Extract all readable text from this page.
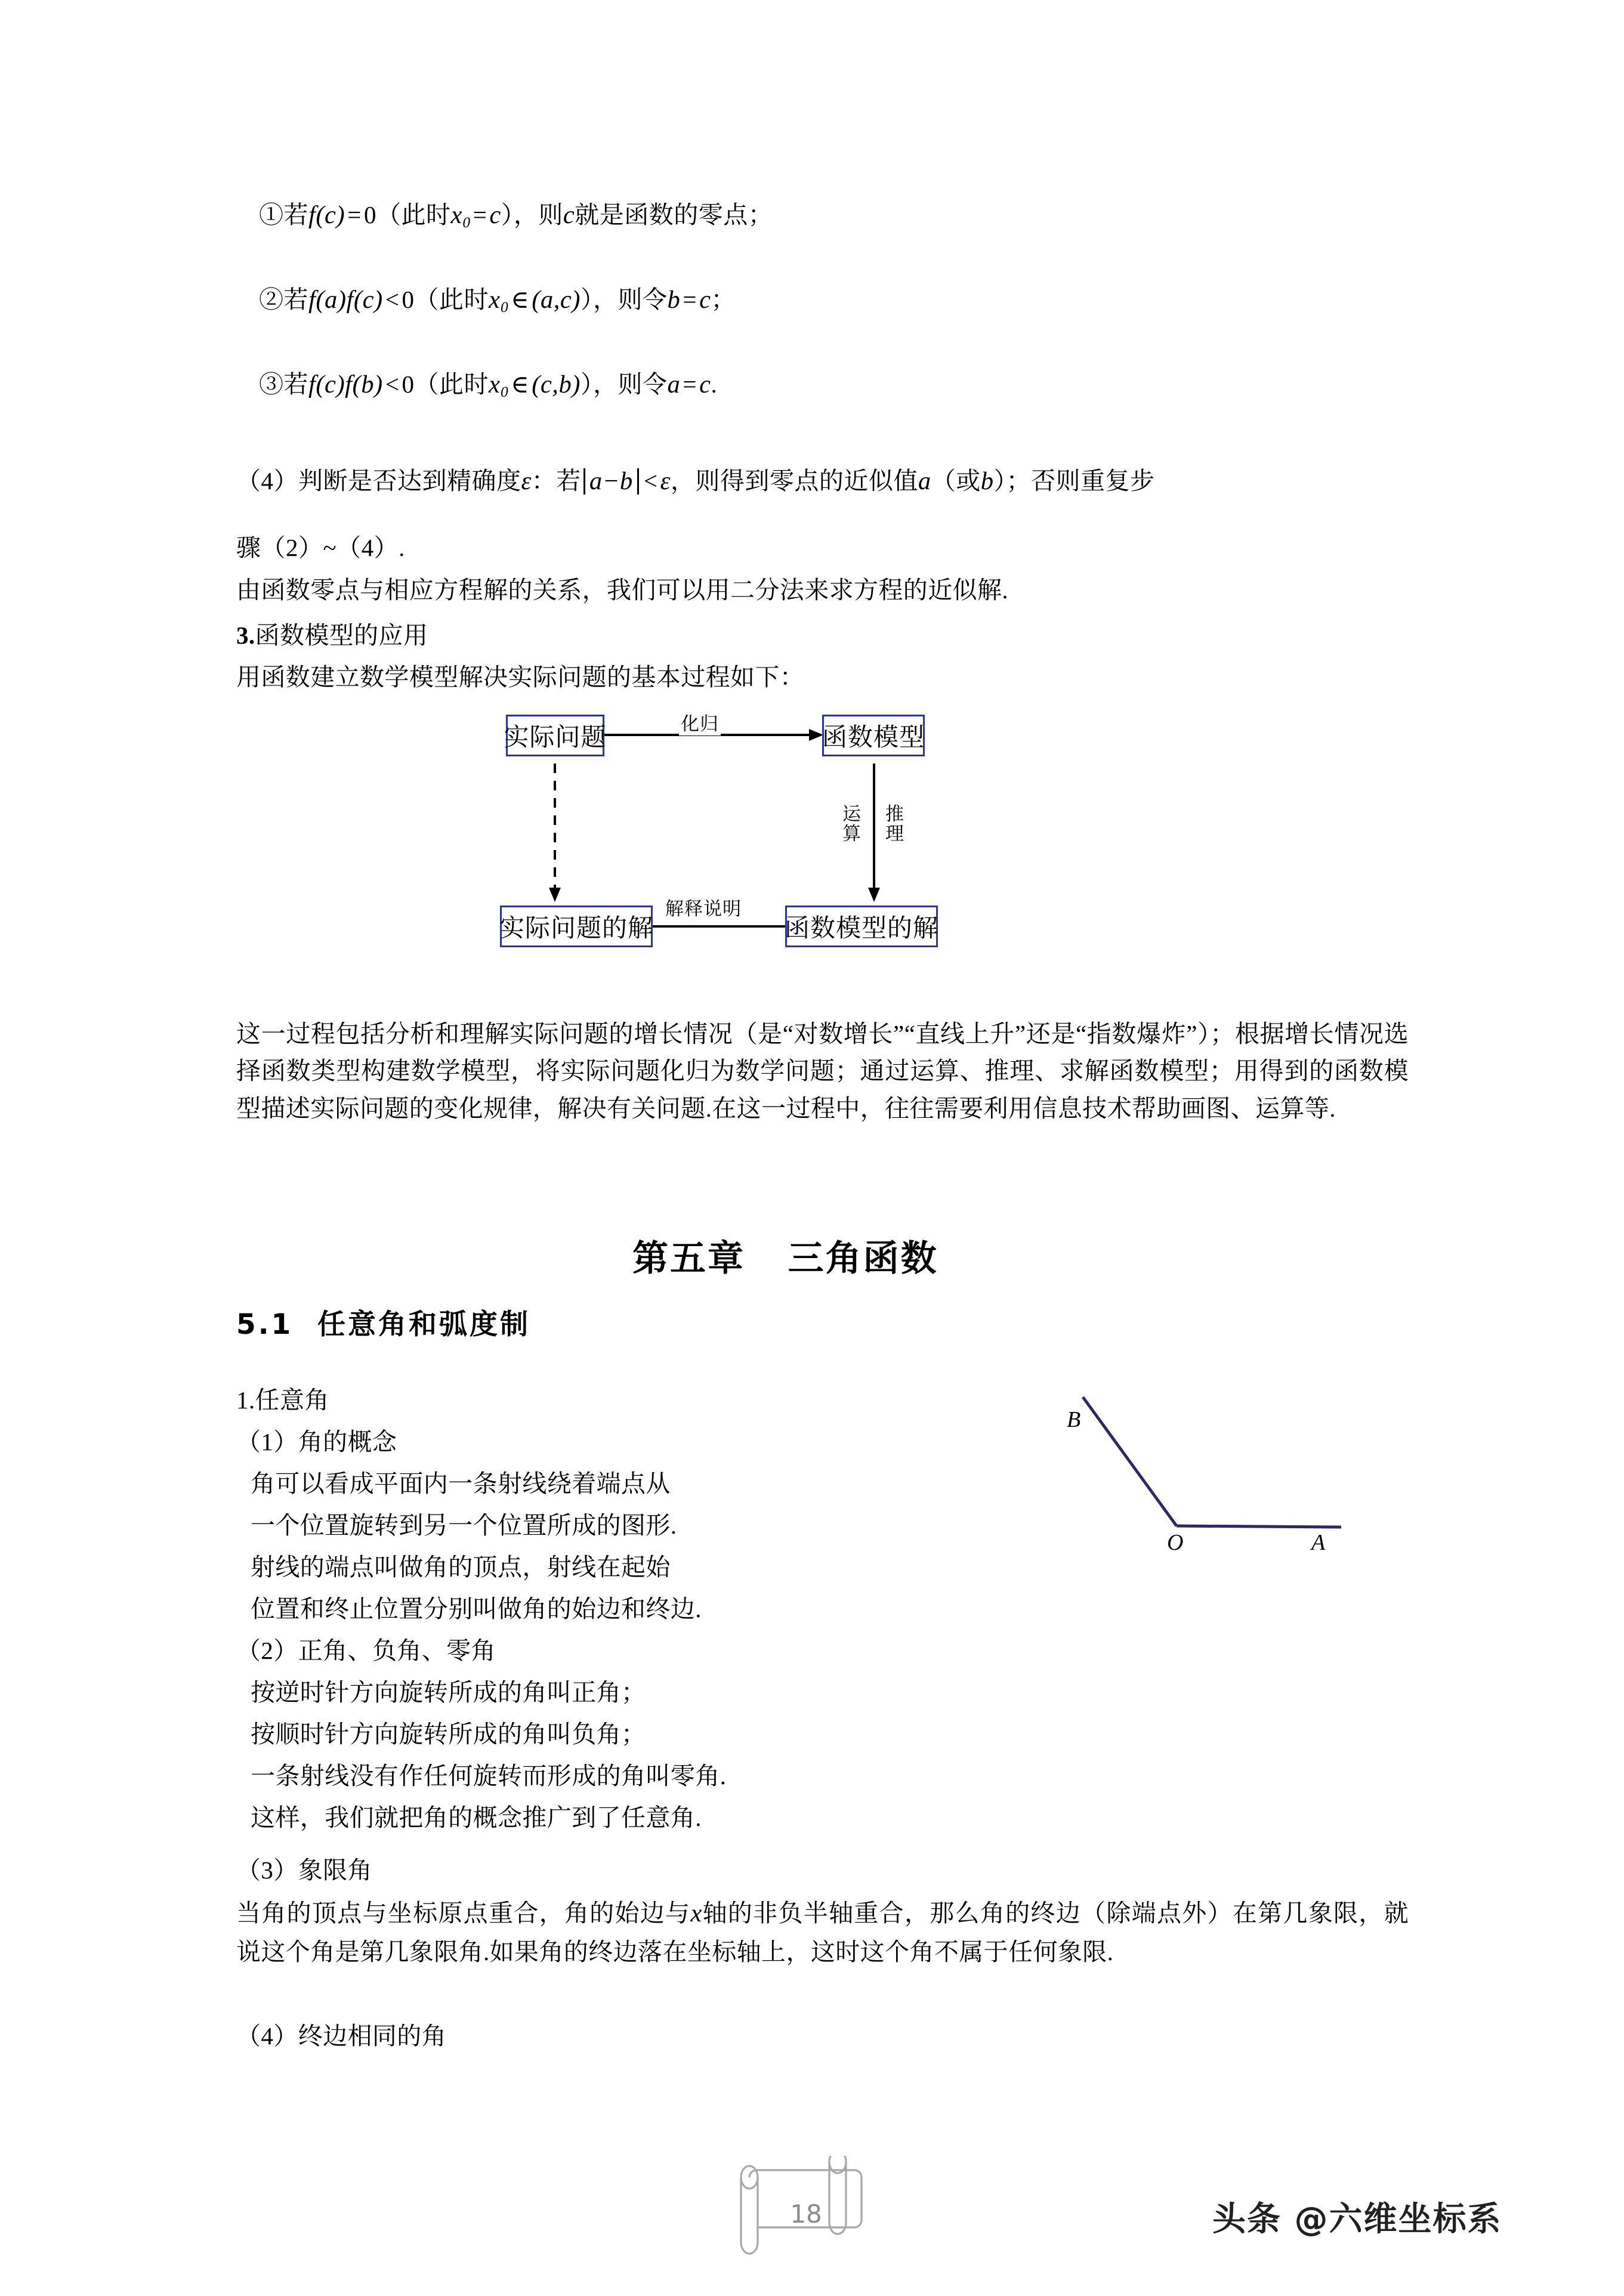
①若f(c)=0（此时$x_0=c$），则c就是函数的零点；
②若f(a)f(c)<0（此时$x_0\in(a,c)$），则令b=c；
③若f(c)f(b)<0（此时$x_0\in(c,b)$），则令a=c.
（4）判断是否达到精确度ε：若 a−b <ε，则得到零点的近似值a（或b）；否则重复步
骤（2）~（4）.
由函数零点与相应方程解的关系，我们可以用二分法来求方程的近似解.
3.函数模型的应用
用函数建立数学模型解决实际问题的基本过程如下：
实际问题	函数模型
实际问题的解	函数模型的解
化归
运算
推理
解释说明
这一过程包括分析和理解实际问题的增长情况（是“对数增长”“直线上升”还是“指数爆炸”）；根据增长情况选择函数类型构建数学模型，将实际问题化归为数学问题；通过运算、推理、求解函数模型；用得到的函数模型描述实际问题的变化规律，解决有关问题.在这一过程中，往往需要利用信息技术帮助画图、运算等.
第五章 三角函数
5.1 任意角和弧度制
1.任意角
（1）角的概念
角可以看成平面内一条射线绕着端点从
一个位置旋转到另一个位置所成的图形.
射线的端点叫做角的顶点，射线在起始
位置和终止位置分别叫做角的始边和终边.
（2）正角、负角、零角
按逆时针方向旋转所成的角叫正角；
按顺时针方向旋转所成的角叫负角；
一条射线没有作任何旋转而形成的角叫零角.
这样，我们就把角的概念推广到了任意角.
（3）象限角
当角的顶点与坐标原点重合，角的始边与x轴的非负半轴重合，那么角的终边（除端点外）在第几象限，就说这个角是第几象限角.如果角的终边落在坐标轴上，这时这个角不属于任何象限.
（4）终边相同的角
B
O	A
18	头条 @六维坐标系
